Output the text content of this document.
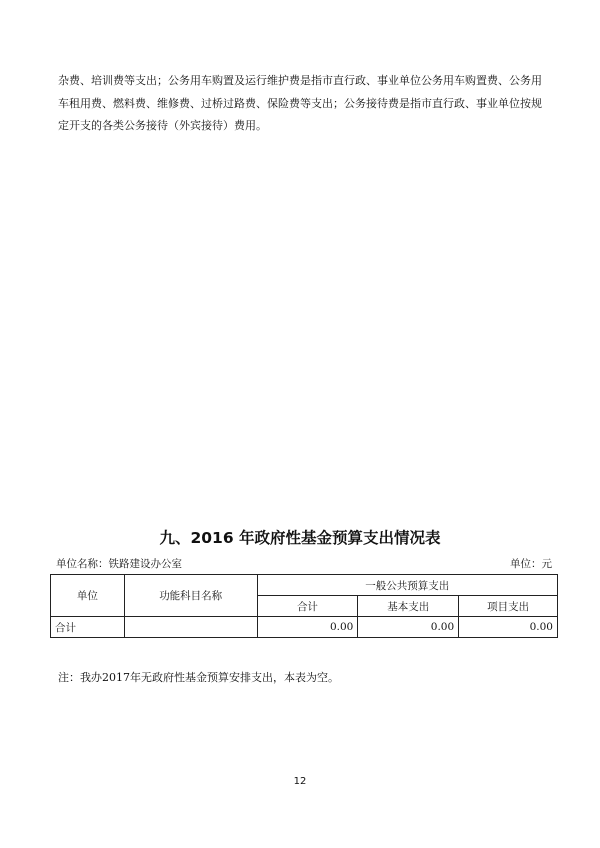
杂费、培训费等支出；公务用车购置及运行维护费是指市直行政、事业单位公务用车购置费、公务用
车租用费、燃料费、维修费、过桥过路费、保险费等支出；公务接待费是指市直行政、事业单位按规
定开支的各类公务接待（外宾接待）费用。
九、2016 年政府性基金预算支出情况表
单位名称：铁路建设办公室	单位：元
单位	功能科目名称	一般公共预算支出		
		合计	基本支出	项目支出
合计		0.00	0.00	0.00
注：我办2017年无政府性基金预算安排支出，本表为空。
12
